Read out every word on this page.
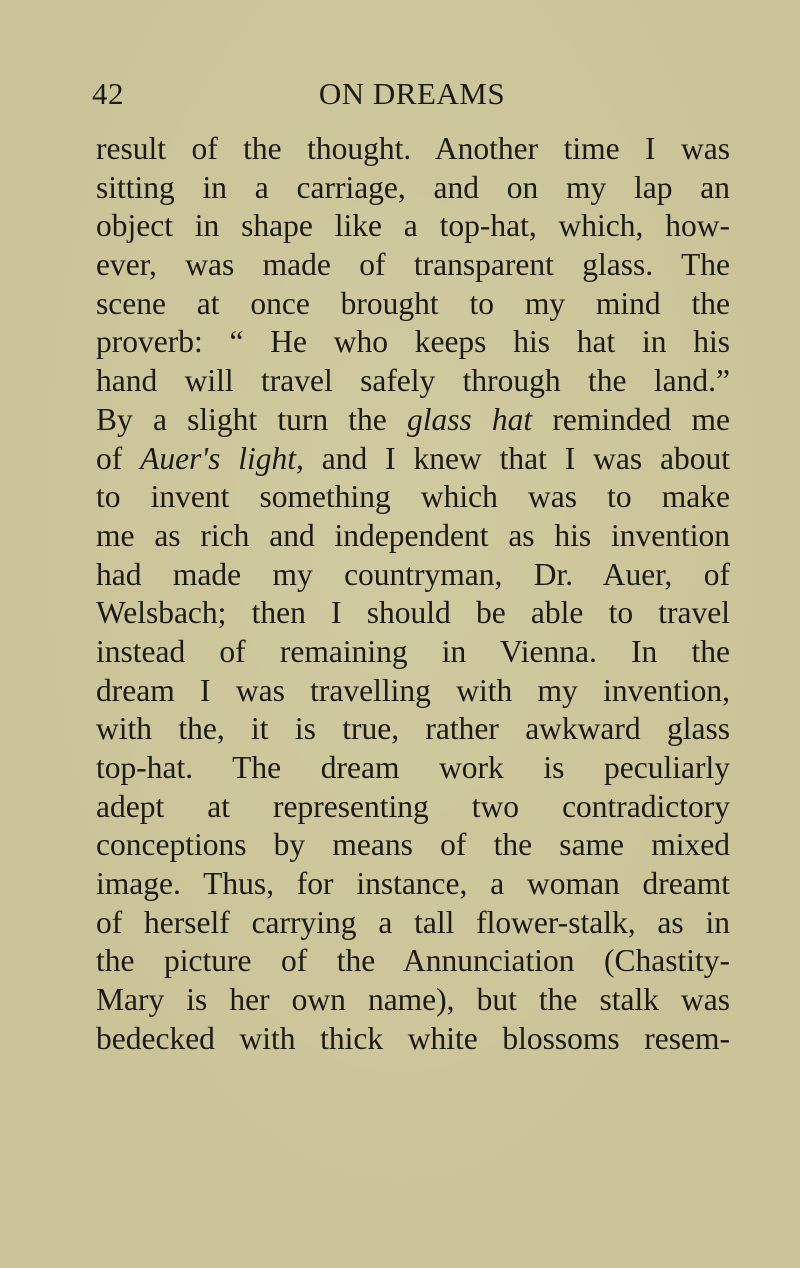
42	ON DREAMS
result of the thought. Another time I was
sitting in a carriage, and on my lap an
object in shape like a top-hat, which, how-
ever, was made of transparent glass. The
scene at once brought to my mind the
proverb: “ He who keeps his hat in his
hand will travel safely through the land.”
By a slight turn the glass hat reminded me
of Auer's light, and I knew that I was about
to invent something which was to make
me as rich and independent as his invention
had made my countryman, Dr. Auer, of
Welsbach; then I should be able to travel
instead of remaining in Vienna. In the
dream I was travelling with my invention,
with the, it is true, rather awkward glass
top-hat. The dream work is peculiarly
adept at representing two contradictory
conceptions by means of the same mixed
image. Thus, for instance, a woman dreamt
of herself carrying a tall flower-stalk, as in
the picture of the Annunciation (Chastity-
Mary is her own name), but the stalk was
bedecked with thick white blossoms resem-
